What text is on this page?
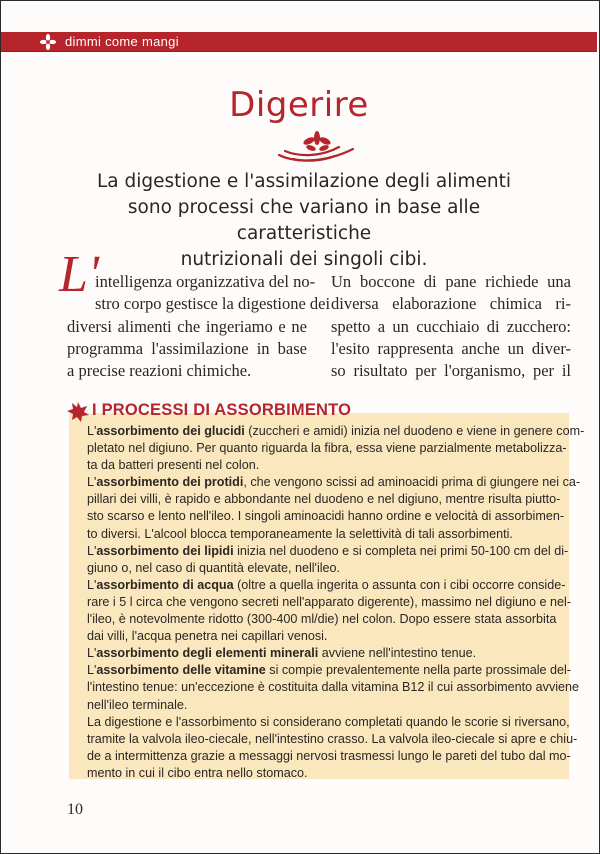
dimmi come mangi
Digerire
La digestione e l'assimilazione degli alimenti
sono processi che variano in base alle caratteristiche
nutrizionali dei singoli cibi.
L'
intelligenza organizzativa del no-
stro corpo gestisce la digestione dei
diversi alimenti che ingeriamo e ne
programma l'assimilazione in base
a precise reazioni chimiche.
Un boccone di pane richiede una
diversa elaborazione chimica ri-
spetto a un cucchiaio di zucchero:
l'esito rappresenta anche un diver-
so risultato per l'organismo, per il
I PROCESSI DI ASSORBIMENTO
L'assorbimento dei glucidi (zuccheri e amidi) inizia nel duodeno e viene in genere com-
pletato nel digiuno. Per quanto riguarda la fibra, essa viene parzialmente metabolizza-
ta da batteri presenti nel colon.
L'assorbimento dei protidi, che vengono scissi ad aminoacidi prima di giungere nei ca-
pillari dei villi, è rapido e abbondante nel duodeno e nel digiuno, mentre risulta piutto-
sto scarso e lento nell'ileo. I singoli aminoacidi hanno ordine e velocità di assorbimen-
to diversi. L'alcool blocca temporaneamente la selettività di tali assorbimenti.
L'assorbimento dei lipidi inizia nel duodeno e si completa nei primi 50-100 cm del di-
giuno o, nel caso di quantità elevate, nell'ileo.
L'assorbimento di acqua (oltre a quella ingerita o assunta con i cibi occorre conside-
rare i 5 l circa che vengono secreti nell'apparato digerente), massimo nel digiuno e nel-
l'ileo, è notevolmente ridotto (300-400 ml/die) nel colon. Dopo essere stata assorbita
dai villi, l'acqua penetra nei capillari venosi.
L'assorbimento degli elementi minerali avviene nell'intestino tenue.
L'assorbimento delle vitamine si compie prevalentemente nella parte prossimale del-
l'intestino tenue: un'eccezione è costituita dalla vitamina B12 il cui assorbimento avviene
nell'ileo terminale.
La digestione e l'assorbimento si considerano completati quando le scorie si riversano,
tramite la valvola ileo-ciecale, nell'intestino crasso. La valvola ileo-ciecale si apre e chiu-
de a intermittenza grazie a messaggi nervosi trasmessi lungo le pareti del tubo dal mo-
mento in cui il cibo entra nello stomaco.
10
